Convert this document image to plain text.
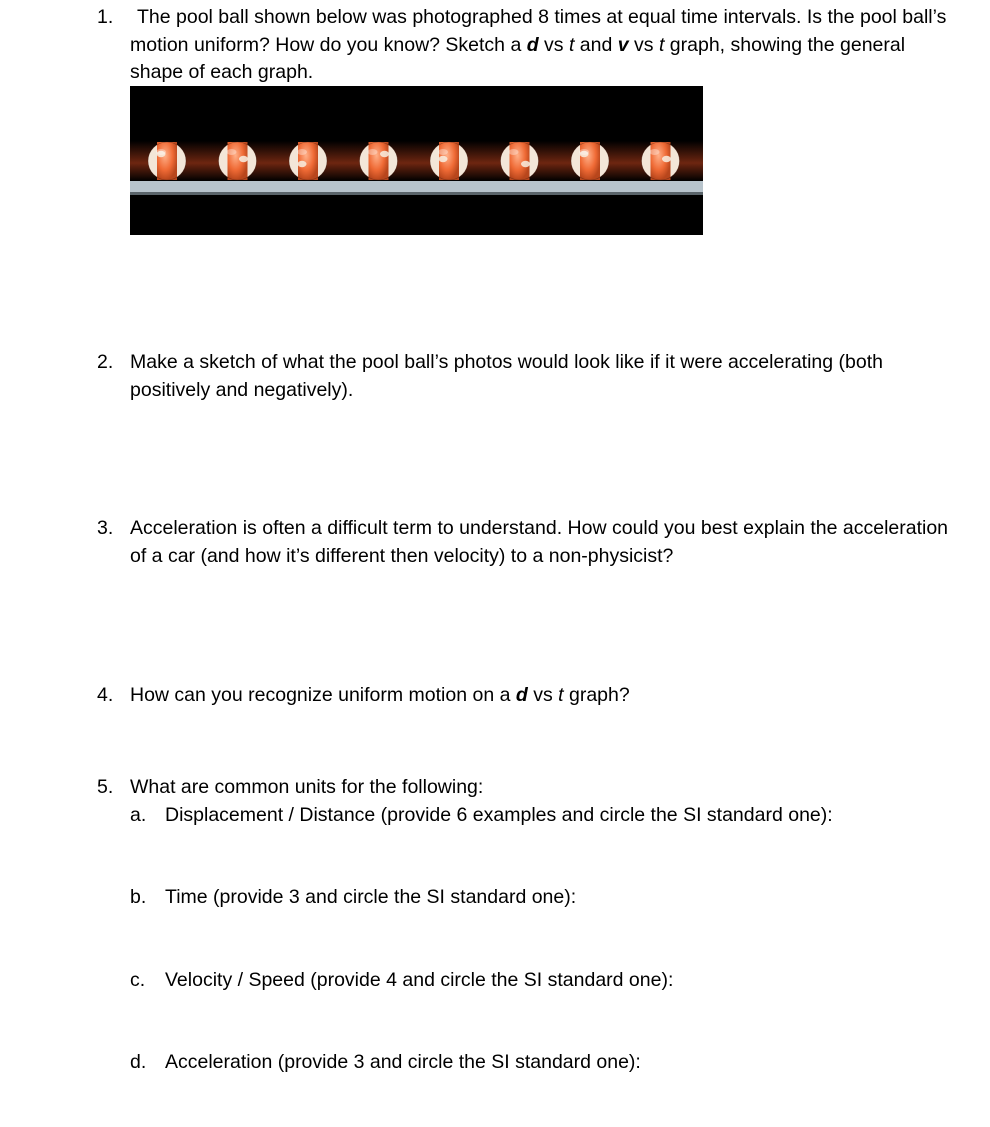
1.	The pool ball shown below was photographed 8 times at equal time intervals. Is the pool ball’s motion uniform? How do you know? Sketch a d vs t and v vs t graph, showing the general shape of each graph.
2. Make a sketch of what the pool ball’s photos would look like if it were accelerating (both positively and negatively).
3. Acceleration is often a difficult term to understand. How could you best explain the acceleration of a car (and how it’s different then velocity) to a non-physicist?
4. How can you recognize uniform motion on a d vs t graph?
5. What are common units for the following:
a. Displacement / Distance (provide 6 examples and circle the SI standard one):
b. Time (provide 3 and circle the SI standard one):
c. Velocity / Speed (provide 4 and circle the SI standard one):
d. Acceleration (provide 3 and circle the SI standard one):
